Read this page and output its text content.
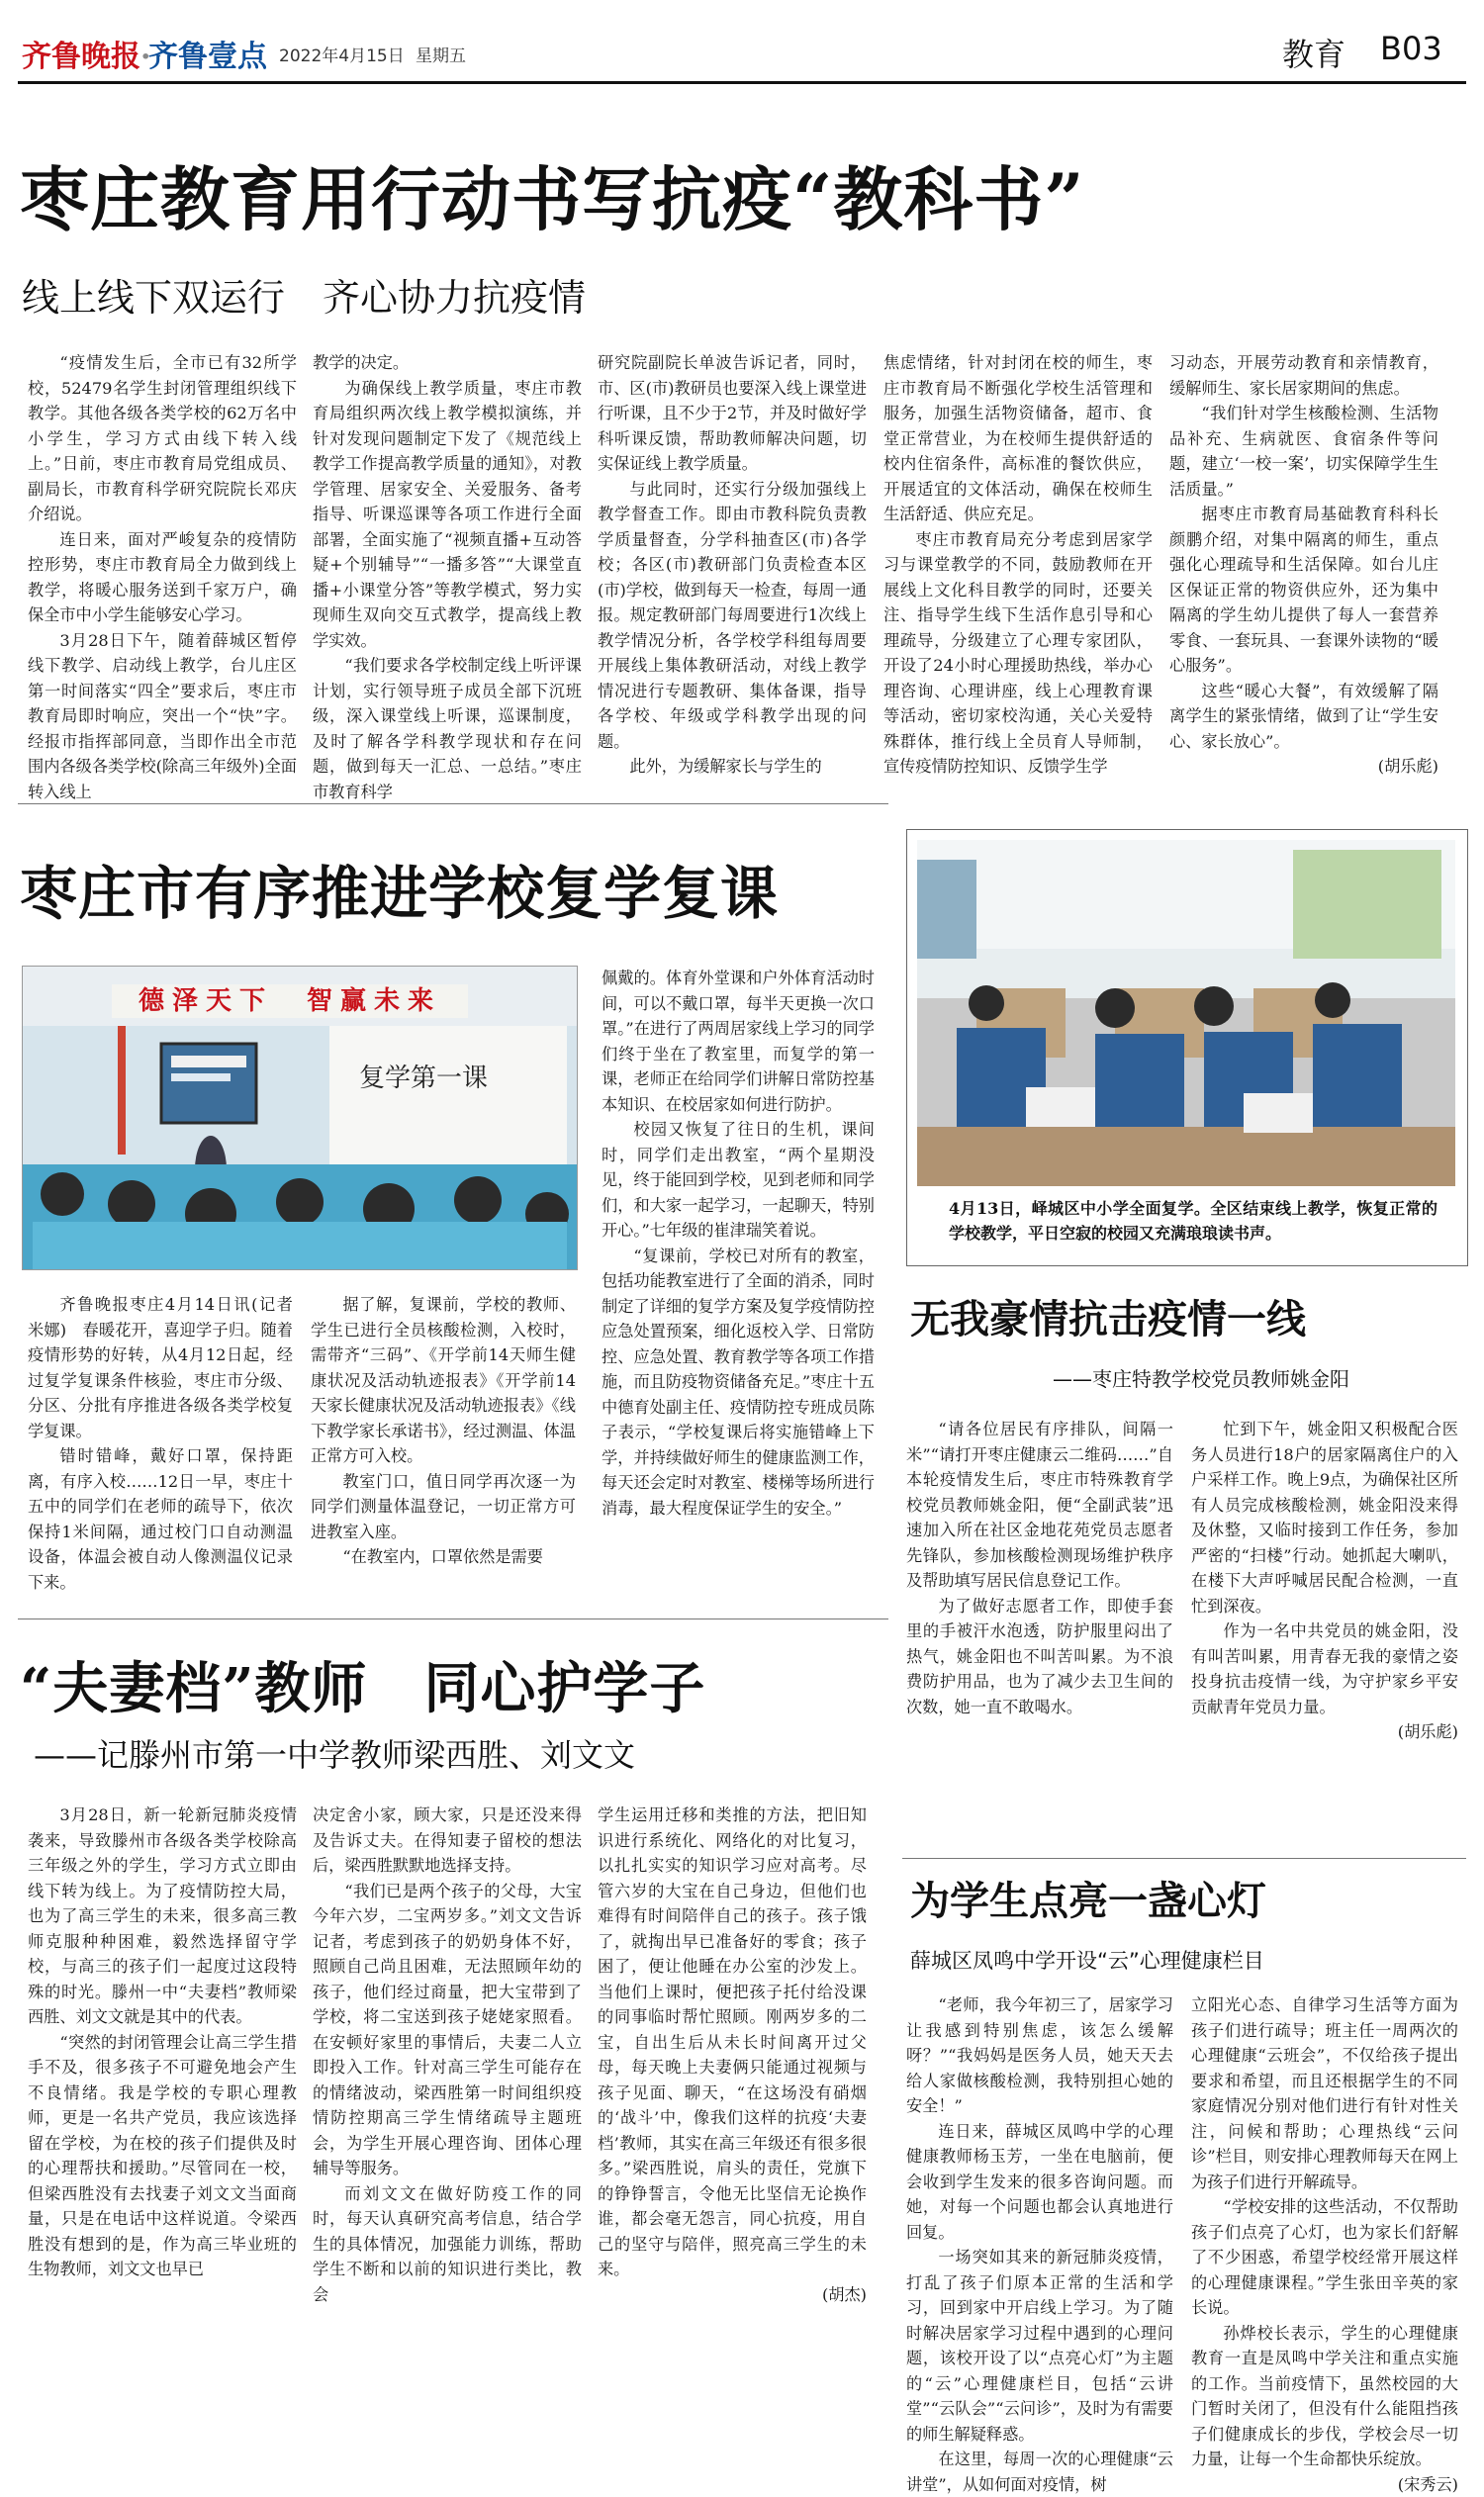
齐鲁晚报·
齐鲁壹点 2022年4月15日 星期五	教育 B03
枣庄教育用行动书写抗疫“教科书”
线上线下双运行　齐心协力抗疫情

“疫情发生后，全市已有32所学校，52479名学生封闭管理组织线下教学。其他各级各类学校的62万名中小学生，学习方式由线下转入线上。”日前，枣庄市教育局党组成员、副局长，市教育科学研究院院长邓庆介绍说。

连日来，面对严峻复杂的疫情防控形势，枣庄市教育局全力做到线上教学，将暖心服务送到千家万户，确保全市中小学生能够安心学习。

3月28日下午，随着薛城区暂停线下教学、启动线上教学，台儿庄区第一时间落实“四全”要求后，枣庄市教育局即时响应，突出一个“快”字。经报市指挥部同意，当即作出全市范围内各级各类学校(除高三年级外)全面转入线上

教学的决定。

为确保线上教学质量，枣庄市教育局组织两次线上教学模拟演练，并针对发现问题制定下发了《规范线上教学工作提高教学质量的通知》，对教学管理、居家安全、关爱服务、备考指导、听课巡课等各项工作进行全面部署，全面实施了“视频直播+互动答疑+个别辅导”“一播多答”“大课堂直播+小课堂分答”等教学模式，努力实现师生双向交互式教学，提高线上教学实效。

“我们要求各学校制定线上听评课计划，实行领导班子成员全部下沉班级，深入课堂线上听课，巡课制度，及时了解各学科教学现状和存在问题，做到每天一汇总、一总结。”枣庄市教育科学

研究院副院长单波告诉记者，同时，市、区(市)教研员也要深入线上课堂进行听课，且不少于2节，并及时做好学科听课反馈，帮助教师解决问题，切实保证线上教学质量。

与此同时，还实行分级加强线上教学督查工作。即由市教科院负责教学质量督查，分学科抽查区(市)各学校；各区(市)教研部门负责检查本区(市)学校，做到每天一检查，每周一通报。规定教研部门每周要进行1次线上教学情况分析，各学校学科组每周要开展线上集体教研活动，对线上教学情况进行专题教研、集体备课，指导各学校、年级或学科教学出现的问题。

此外，为缓解家长与学生的

焦虑情绪，针对封闭在校的师生，枣庄市教育局不断强化学校生活管理和服务，加强生活物资储备，超市、食堂正常营业，为在校师生提供舒适的校内住宿条件，高标准的餐饮供应，开展适宜的文体活动，确保在校师生生活舒适、供应充足。

枣庄市教育局充分考虑到居家学习与课堂教学的不同，鼓励教师在开展线上文化科目教学的同时，还要关注、指导学生线下生活作息引导和心理疏导，分级建立了心理专家团队，开设了24小时心理援助热线，举办心理咨询、心理讲座，线上心理教育课等活动，密切家校沟通，关心关爱特殊群体，推行线上全员育人导师制，宣传疫情防控知识、反馈学生学

习动态，开展劳动教育和亲情教育，缓解师生、家长居家期间的焦虑。

“我们针对学生核酸检测、生活物品补充、生病就医、食宿条件等问题，建立‘一校一案’，切实保障学生生活质量。”

据枣庄市教育局基础教育科科长颜鹏介绍，对集中隔离的师生，重点强化心理疏导和生活保障。如台儿庄区保证正常的物资供应外，还为集中隔离的学生幼儿提供了每人一套营养零食、一套玩具、一套课外读物的“暖心服务”。

这些“暖心大餐”，有效缓解了隔离学生的紧张情绪，做到了让“学生安心、家长放心”。

(胡乐彪)
枣庄市有序推进学校复学复课
德泽天下　智赢未来
复学第一课

齐鲁晚报枣庄4月14日讯(记者 米娜)　春暖花开，喜迎学子归。随着疫情形势的好转，从4月12日起，经过复学复课条件核验，枣庄市分级、分区、分批有序推进各级各类学校复学复课。

错时错峰，戴好口罩，保持距离，有序入校……12日一早，枣庄十五中的同学们在老师的疏导下，依次保持1米间隔，通过校门口自动测温设备，体温会被自动人像测温仪记录下来。

据了解，复课前，学校的教师、学生已进行全员核酸检测，入校时，需带齐“三码”、《开学前14天师生健康状况及活动轨迹报表》《开学前14天家长健康状况及活动轨迹报表》《线下教学家长承诺书》，经过测温、体温正常方可入校。

教室门口，值日同学再次逐一为同学们测量体温登记，一切正常方可进教室入座。

“在教室内，口罩依然是需要

佩戴的。体育外堂课和户外体育活动时间，可以不戴口罩，每半天更换一次口罩。”在进行了两周居家线上学习的同学们终于坐在了教室里，而复学的第一课，老师正在给同学们讲解日常防控基本知识、在校居家如何进行防护。

校园又恢复了往日的生机，课间时，同学们走出教室，“两个星期没见，终于能回到学校，见到老师和同学们，和大家一起学习，一起聊天，特别开心。”七年级的崔津瑞笑着说。

“复课前，学校已对所有的教室，包括功能教室进行了全面的消杀，同时制定了详细的复学方案及复学疫情防控应急处置预案，细化返校入学、日常防控、应急处置、教育教学等各项工作措施，而且防疫物资储备充足。”枣庄十五中德育处副主任、疫情防控专班成员陈子表示，“学校复课后将实施错峰上下学，并持续做好师生的健康监测工作，每天还会定时对教室、楼梯等场所进行消毒，最大程度保证学生的安全。”

4月13日，峄城区中小学全面复学。全区结束线上教学，恢复正常的学校教学，平日空寂的校园又充满琅琅读书声。
无我豪情抗击疫情一线
——枣庄特教学校党员教师姚金阳

“请各位居民有序排队，间隔一米”“请打开枣庄健康云二维码……”自本轮疫情发生后，枣庄市特殊教育学校党员教师姚金阳，便“全副武装”迅速加入所在社区金地花苑党员志愿者先锋队，参加核酸检测现场维护秩序及帮助填写居民信息登记工作。

为了做好志愿者工作，即使手套里的手被汗水泡透，防护服里闷出了热气，姚金阳也不叫苦叫累。为不浪费防护用品，也为了减少去卫生间的次数，她一直不敢喝水。

忙到下午，姚金阳又积极配合医务人员进行18户的居家隔离住户的入户采样工作。晚上9点，为确保社区所有人员完成核酸检测，姚金阳没来得及休整，又临时接到工作任务，参加严密的“扫楼”行动。她抓起大喇叭，在楼下大声呼喊居民配合检测，一直忙到深夜。

作为一名中共党员的姚金阳，没有叫苦叫累，用青春无我的豪情之姿投身抗击疫情一线，为守护家乡平安贡献青年党员力量。

(胡乐彪)
“夫妻档”教师　同心护学子
——记滕州市第一中学教师梁西胜、刘文文

3月28日，新一轮新冠肺炎疫情袭来，导致滕州市各级各类学校除高三年级之外的学生，学习方式立即由线下转为线上。为了疫情防控大局，也为了高三学生的未来，很多高三教师克服种种困难，毅然选择留守学校，与高三的孩子们一起度过这段特殊的时光。滕州一中“夫妻档”教师梁西胜、刘文文就是其中的代表。

“突然的封闭管理会让高三学生措手不及，很多孩子不可避免地会产生不良情绪。我是学校的专职心理教师，更是一名共产党员，我应该选择留在学校，为在校的孩子们提供及时的心理帮扶和援助。”尽管同在一校，但梁西胜没有去找妻子刘文文当面商量，只是在电话中这样说道。令梁西胜没有想到的是，作为高三毕业班的生物教师，刘文文也早已

决定舍小家，顾大家，只是还没来得及告诉丈夫。在得知妻子留校的想法后，梁西胜默默地选择支持。

“我们已是两个孩子的父母，大宝今年六岁，二宝两岁多。”刘文文告诉记者，考虑到孩子的奶奶身体不好，照顾自己尚且困难，无法照顾年幼的孩子，他们经过商量，把大宝带到了学校，将二宝送到孩子姥姥家照看。在安顿好家里的事情后，夫妻二人立即投入工作。针对高三学生可能存在的情绪波动，梁西胜第一时间组织疫情防控期高三学生情绪疏导主题班会，为学生开展心理咨询、团体心理辅导等服务。

而刘文文在做好防疫工作的同时，每天认真研究高考信息，结合学生的具体情况，加强能力训练，帮助学生不断和以前的知识进行类比，教会

学生运用迁移和类推的方法，把旧知识进行系统化、网络化的对比复习，以扎扎实实的知识学习应对高考。尽管六岁的大宝在自己身边，但他们也难得有时间陪伴自己的孩子。孩子饿了，就掏出早已准备好的零食；孩子困了，便让他睡在办公室的沙发上。当他们上课时，便把孩子托付给没课的同事临时帮忙照顾。刚两岁多的二宝，自出生后从未长时间离开过父母，每天晚上夫妻俩只能通过视频与孩子见面、聊天，“在这场没有硝烟的‘战斗’中，像我们这样的抗疫‘夫妻档’教师，其实在高三年级还有很多很多。”梁西胜说，肩头的责任，党旗下的铮铮誓言，令他无比坚信无论换作谁，都会毫无怨言，同心抗疫，用自己的坚守与陪伴，照亮高三学生的未来。

(胡杰)
为学生点亮一盏心灯
薛城区凤鸣中学开设“云”心理健康栏目

“老师，我今年初三了，居家学习让我感到特别焦虑，该怎么缓解呀？”“我妈妈是医务人员，她天天去给人家做核酸检测，我特别担心她的安全！”

连日来，薛城区凤鸣中学的心理健康教师杨玉芳，一坐在电脑前，便会收到学生发来的很多咨询问题。而她，对每一个问题也都会认真地进行回复。

一场突如其来的新冠肺炎疫情，打乱了孩子们原本正常的生活和学习，回到家中开启线上学习。为了随时解决居家学习过程中遇到的心理问题，该校开设了以“点亮心灯”为主题的“云”心理健康栏目，包括“云讲堂”“云队会”“云问诊”，及时为有需要的师生解疑释惑。

在这里，每周一次的心理健康“云讲堂”，从如何面对疫情，树

立阳光心态、自律学习生活等方面为孩子们进行疏导；班主任一周两次的心理健康“云班会”，不仅给孩子提出要求和希望，而且还根据学生的不同家庭情况分别对他们进行有针对性关注，问候和帮助；心理热线“云问诊”栏目，则安排心理教师每天在网上为孩子们进行开解疏导。

“学校安排的这些活动，不仅帮助孩子们点亮了心灯，也为家长们舒解了不少困惑，希望学校经常开展这样的心理健康课程。”学生张田辛英的家长说。

孙烨校长表示，学生的心理健康教育一直是凤鸣中学关注和重点实施的工作。当前疫情下，虽然校园的大门暂时关闭了，但没有什么能阻挡孩子们健康成长的步伐，学校会尽一切力量，让每一个生命都快乐绽放。

(宋秀云)
